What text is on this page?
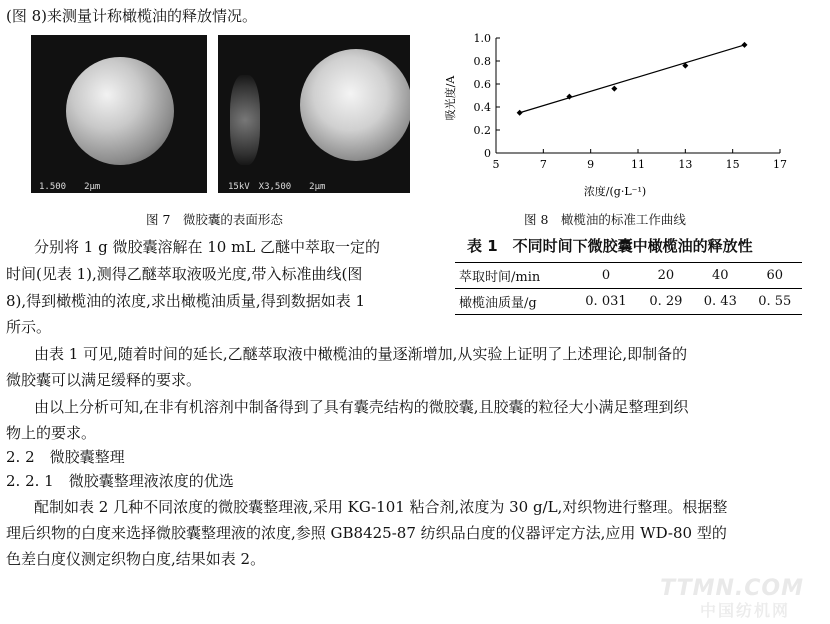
(图 8)来测量计称橄榄油的释放情况。
1.500　　2μm	15kV　X3,500　　2μm
图 7　微胶囊的表面形态
5	7	9	11	13	15	17
0
0.2
0.4
0.6
0.8
1.0
浓度/(g·L⁻¹)
吸光度/A
图 8　橄榄油的标准工作曲线
分别将 1 g 微胶囊溶解在 10 mL 乙醚中萃取一定的
时间(见表 1),测得乙醚萃取液吸光度,带入标准曲线(图
8),得到橄榄油的浓度,求出橄榄油质量,得到数据如表 1
所示。
表 1　不同时间下微胶囊中橄榄油的释放性
萃取时间/min	0	20	40	60
橄榄油质量/g	0. 031	0. 29	0. 43	0. 55
由表 1 可见,随着时间的延长,乙醚萃取液中橄榄油的量逐渐增加,从实验上证明了上述理论,即制备的
微胶囊可以满足缓释的要求。
由以上分析可知,在非有机溶剂中制备得到了具有囊壳结构的微胶囊,且胶囊的粒径大小满足整理到织
物上的要求。
2. 2　微胶囊整理
2. 2. 1　微胶囊整理液浓度的优选
配制如表 2 几种不同浓度的微胶囊整理液,采用 KG-101 粘合剂,浓度为 30 g/L,对织物进行整理。根据整
理后织物的白度来选择微胶囊整理液的浓度,参照 GB8425-87 纺织品白度的仪器评定方法,应用 WD-80 型的
色差白度仪测定织物白度,结果如表 2。
TTMN.COM
中国纺机网
